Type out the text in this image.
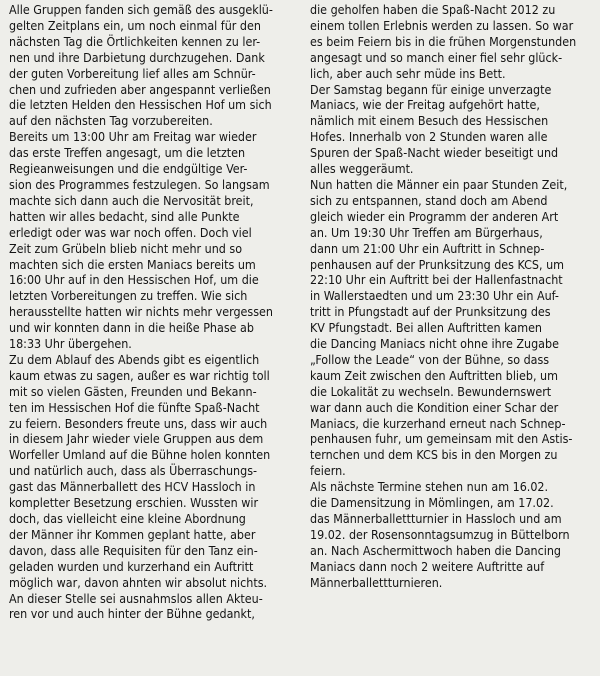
Alle Gruppen fanden sich gemäß des ausgeklü-
gelten Zeitplans ein, um noch einmal für den
nächsten Tag die Örtlichkeiten kennen zu ler-
nen und ihre Darbietung durchzugehen. Dank
der guten Vorbereitung lief alles am Schnür-
chen und zufrieden aber angespannt verließen
die letzten Helden den Hessischen Hof um sich
auf den nächsten Tag vorzubereiten.
Bereits um 13:00 Uhr am Freitag war wieder
das erste Treffen angesagt, um die letzten
Regieanweisungen und die endgültige Ver-
sion des Programmes festzulegen. So langsam
machte sich dann auch die Nervosität breit,
hatten wir alles bedacht, sind alle Punkte
erledigt oder was war noch offen. Doch viel
Zeit zum Grübeln blieb nicht mehr und so
machten sich die ersten Maniacs bereits um
16:00 Uhr auf in den Hessischen Hof, um die
letzten Vorbereitungen zu treffen. Wie sich
herausstellte hatten wir nichts mehr vergessen
und wir konnten dann in die heiße Phase ab
18:33 Uhr übergehen.
Zu dem Ablauf des Abends gibt es eigentlich
kaum etwas zu sagen, außer es war richtig toll
mit so vielen Gästen, Freunden und Bekann-
ten im Hessischen Hof die fünfte Spaß-Nacht
zu feiern. Besonders freute uns, dass wir auch
in diesem Jahr wieder viele Gruppen aus dem
Worfeller Umland auf die Bühne holen konnten
und natürlich auch, dass als Überraschungs-
gast das Männerballett des HCV Hassloch in
kompletter Besetzung erschien. Wussten wir
doch, das vielleicht eine kleine Abordnung
der Männer ihr Kommen geplant hatte, aber
davon, dass alle Requisiten für den Tanz ein-
geladen wurden und kurzerhand ein Auftritt
möglich war, davon ahnten wir absolut nichts.
An dieser Stelle sei ausnahmslos allen Akteu-
ren vor und auch hinter der Bühne gedankt,
die geholfen haben die Spaß-Nacht 2012 zu
einem tollen Erlebnis werden zu lassen. So war
es beim Feiern bis in die frühen Morgenstunden
angesagt und so manch einer fiel sehr glück-
lich, aber auch sehr müde ins Bett.
Der Samstag begann für einige unverzagte
Maniacs, wie der Freitag aufgehört hatte,
nämlich mit einem Besuch des Hessischen
Hofes. Innerhalb von 2 Stunden waren alle
Spuren der Spaß-Nacht wieder beseitigt und
alles weggeräumt.
Nun hatten die Männer ein paar Stunden Zeit,
sich zu entspannen, stand doch am Abend
gleich wieder ein Programm der anderen Art
an. Um 19:30 Uhr Treffen am Bürgerhaus,
dann um 21:00 Uhr ein Auftritt in Schnep-
penhausen auf der Prunksitzung des KCS, um
22:10 Uhr ein Auftritt bei der Hallenfastnacht
in Wallerstaedten und um 23:30 Uhr ein Auf-
tritt in Pfungstadt auf der Prunksitzung des
KV Pfungstadt. Bei allen Auftritten kamen
die Dancing Maniacs nicht ohne ihre Zugabe
„Follow the Leade“ von der Bühne, so dass
kaum Zeit zwischen den Auftritten blieb, um
die Lokalität zu wechseln. Bewundernswert
war dann auch die Kondition einer Schar der
Maniacs, die kurzerhand erneut nach Schnep-
penhausen fuhr, um gemeinsam mit den Astis-
ternchen und dem KCS bis in den Morgen zu
feiern.
Als nächste Termine stehen nun am 16.02.
die Damensitzung in Mömlingen, am 17.02.
das Männerballettturnier in Hassloch und am
19.02. der Rosensonntagsumzug in Büttelborn
an. Nach Aschermittwoch haben die Dancing
Maniacs dann noch 2 weitere Auftritte auf
Männerballettturnieren.
